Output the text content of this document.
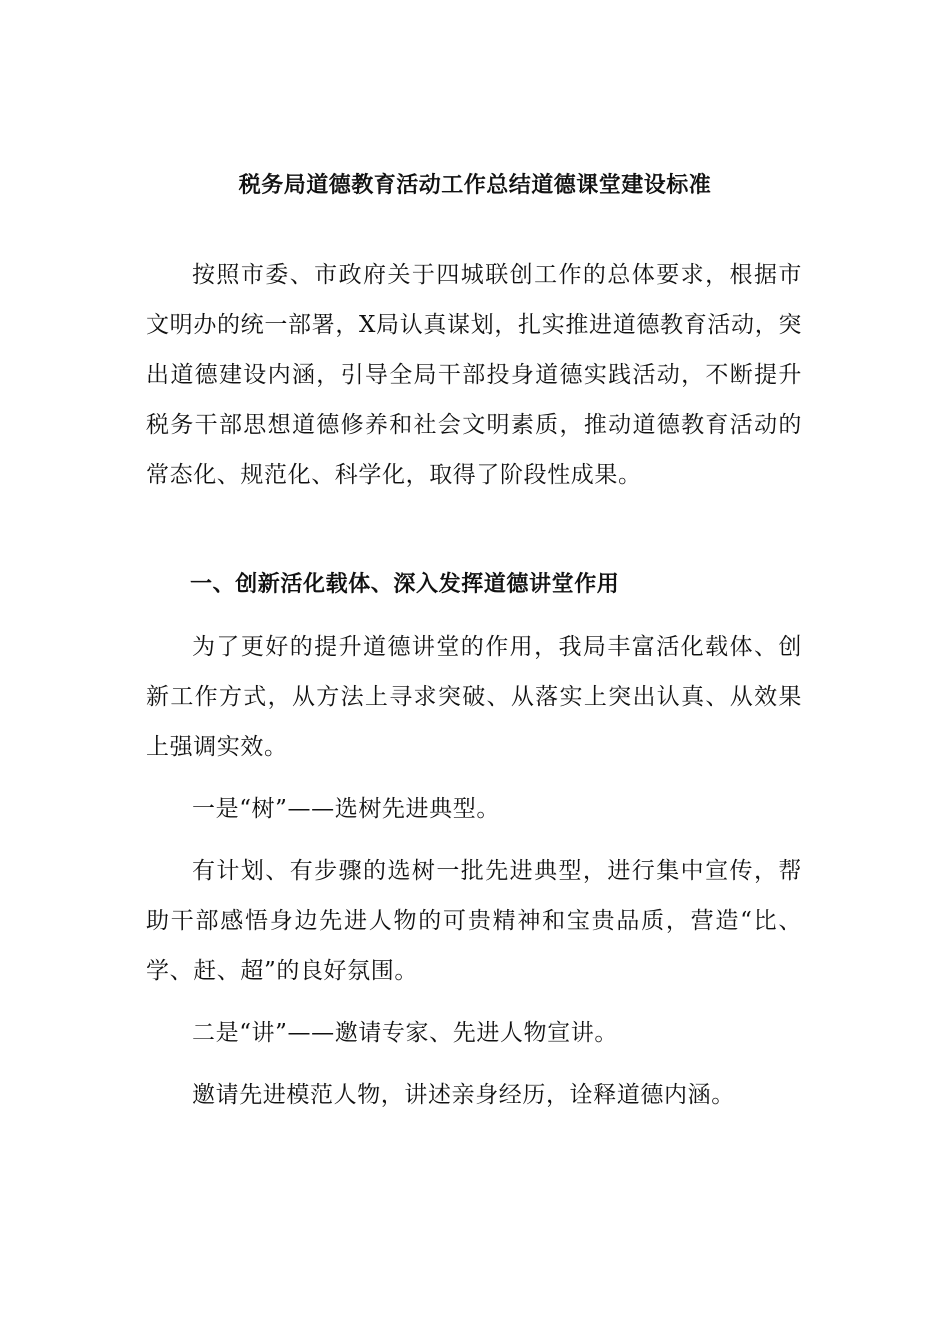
税务局道德教育活动工作总结道德课堂建设标准

按照市委、市政府关于四城联创工作的总体要求，根据市文明办的统一部署，X局认真谋划，扎实推进道德教育活动，突出道德建设内涵，引导全局干部投身道德实践活动，不断提升税务干部思想道德修养和社会文明素质，推动道德教育活动的常态化、规范化、科学化，取得了阶段性成果。

一、创新活化载体、深入发挥道德讲堂作用

为了更好的提升道德讲堂的作用，我局丰富活化载体、创新工作方式，从方法上寻求突破、从落实上突出认真、从效果上强调实效。

一是“树”——选树先进典型。

有计划、有步骤的选树一批先进典型，进行集中宣传，帮助干部感悟身边先进人物的可贵精神和宝贵品质，营造“比、学、赶、超”的良好氛围。

二是“讲”——邀请专家、先进人物宣讲。

邀请先进模范人物，讲述亲身经历，诠释道德内涵。
